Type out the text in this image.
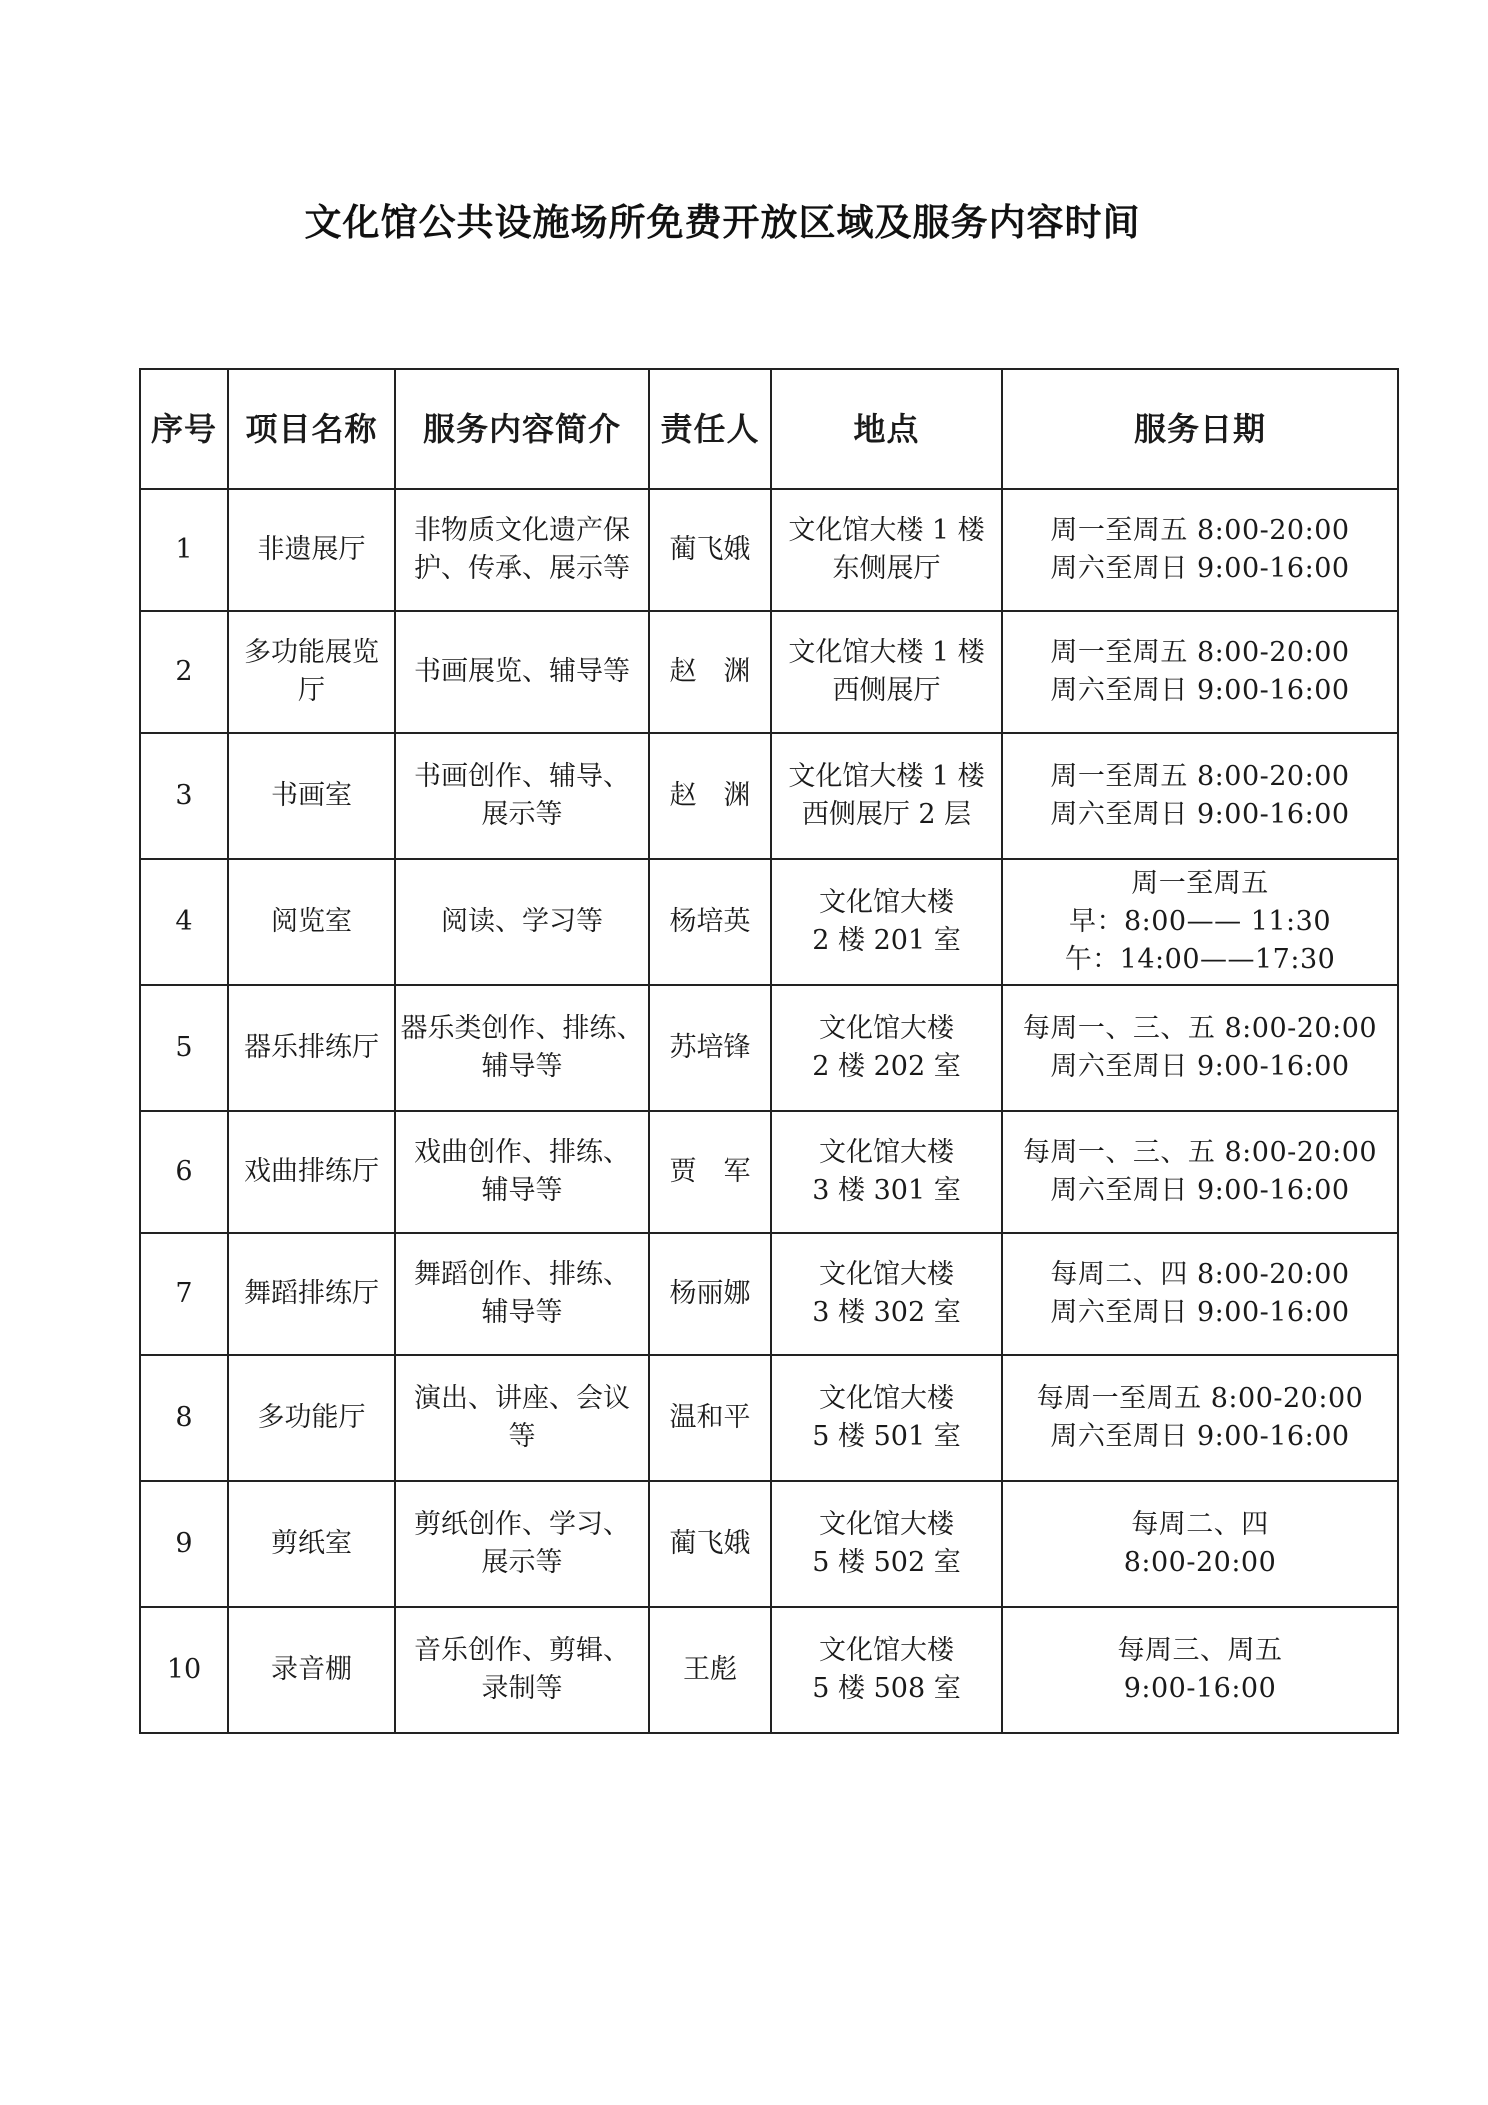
文化馆公共设施场所免费开放区域及服务内容时间
序号	项目名称	服务内容简介	责任人	地点	服务日期
1	非遗展厅	非物质文化遗产保
护、传承、展示等	蔺飞娥	文化馆大楼 1 楼
东侧展厅	周一至周五 8:00-20:00
周六至周日 9:00-16:00

2	多功能展览
厅	书画展览、辅导等	赵　渊	文化馆大楼 1 楼
西侧展厅	周一至周五 8:00-20:00
周六至周日 9:00-16:00

3	书画室	书画创作、辅导、
展示等	赵　渊	文化馆大楼 1 楼
西侧展厅 2 层	周一至周五 8:00-20:00
周六至周日 9:00-16:00

4	阅览室	阅读、学习等	杨培英	文化馆大楼
2 楼 201 室	周一至周五
早：8:00—— 11:30
午：14:00——17:30

5	器乐排练厅	器乐类创作、排练、
辅导等	苏培锋	文化馆大楼
2 楼 202 室	每周一、三、五 8:00-20:00
周六至周日 9:00-16:00

6	戏曲排练厅	戏曲创作、排练、
辅导等	贾　军	文化馆大楼
3 楼 301 室	每周一、三、五 8:00-20:00
周六至周日 9:00-16:00

7	舞蹈排练厅	舞蹈创作、排练、
辅导等	杨丽娜	文化馆大楼
3 楼 302 室	每周二、四 8:00-20:00
周六至周日 9:00-16:00

8	多功能厅	演出、讲座、会议
等	温和平	文化馆大楼
5 楼 501 室	每周一至周五 8:00-20:00
周六至周日 9:00-16:00

9	剪纸室	剪纸创作、学习、
展示等	蔺飞娥	文化馆大楼
5 楼 502 室	每周二、四
8:00-20:00

10	录音棚	音乐创作、剪辑、
录制等	王彪	文化馆大楼
5 楼 508 室	每周三、周五
9:00-16:00
